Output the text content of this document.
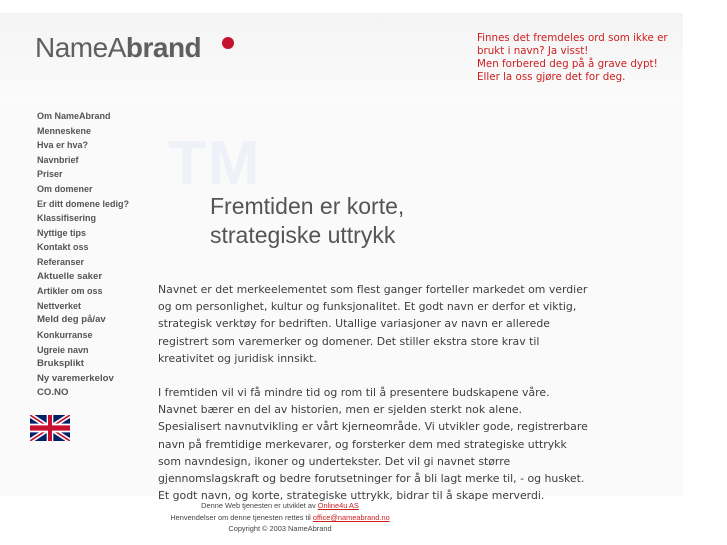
NameAbrand	Finnes det fremdeles ord som ikke er
brukt i navn? Ja visst!
Men forbered deg på å grave dypt!
Eller la oss gjøre det for deg.
Om NameAbrand
Menneskene
Hva er hva?
Navnbrief
Priser
Om domener
Er ditt domene ledig?
Klassifisering
Nyttige tips
Kontakt oss
Referanser
Aktuelle saker
Artikler om oss
Nettverket
Meld deg på/av
Konkurranse
Ugreie navn
Bruksplikt
Ny varemerkelov
CO.NO
TM
Fremtiden er korte,
strategiske uttrykk

Navnet er det merkeelementet som flest ganger forteller markedet om verdier og om personlighet, kultur og funksjonalitet. Et godt navn er derfor et viktig, strategisk verktøy for bedriften. Utallige variasjoner av navn er allerede registrert som varemerker og domener. Det stiller ekstra store krav til kreativitet og juridisk innsikt.

I fremtiden vil vi få mindre tid og rom til å presentere budskapene våre. Navnet bærer en del av historien, men er sjelden sterkt nok alene. Spesialisert navnutvikling er vårt kjerneområde. Vi utvikler gode, registrerbare navn på fremtidige merkevarer, og forsterker dem med strategiske uttrykk som navndesign, ikoner og undertekster. Det vil gi navnet større gjennomslagskraft og bedre forutsetninger for å bli lagt merke til, - og husket. Et godt navn, og korte, strategiske uttrykk, bidrar til å skape merverdi.

Denne Web tjenesten er utviklet av Online4u AS
Henvendelser om denne tjenesten rettes til office@nameabrand.no
Copyright © 2003 NameAbrand
